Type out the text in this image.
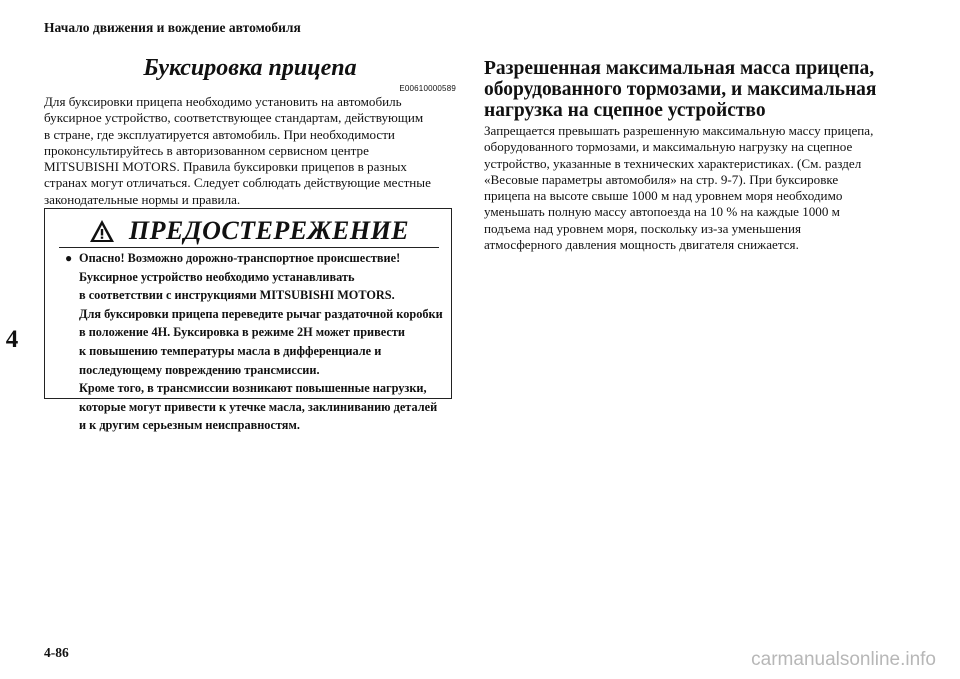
Начало движения и вождение автомобиля
4
Буксировка прицепа
E00610000589
Для буксировки прицепа необходимо установить на автомобиль
буксирное устройство, соответствующее стандартам, действующим
в стране, где эксплуатируется автомобиль. При необходимости
проконсультируйтесь в авторизованном сервисном центре
MITSUBISHI MOTORS. Правила буксировки прицепов в разных
странах могут отличаться. Следует соблюдать действующие местные
законодательные нормы и правила.
ПРЕДОСТЕРЕЖЕНИЕ
● Опасно! Возможно дорожно-транспортное происшествие!
Буксирное устройство необходимо устанавливать
в соответствии с инструкциями MITSUBISHI MOTORS.
Для буксировки прицепа переведите рычаг раздаточной коробки
в положение 4H. Буксировка в режиме 2H может привести
к повышению температуры масла в дифференциале и
последующему повреждению трансмиссии.
Кроме того, в трансмиссии возникают повышенные нагрузки,
которые могут привести к утечке масла, заклиниванию деталей
и к другим серьезным неисправностям.
Разрешенная максимальная масса прицепа,
оборудованного тормозами, и максимальная
нагрузка на сцепное устройство
Запрещается превышать разрешенную максимальную массу прицепа,
оборудованного тормозами, и максимальную нагрузку на сцепное
устройство, указанные в технических характеристиках. (См. раздел
«Весовые параметры автомобиля» на стр. 9-7). При буксировке
прицепа на высоте свыше 1000 м над уровнем моря необходимо
уменьшать полную массу автопоезда на 10 % на каждые 1000 м
подъема над уровнем моря, поскольку из-за уменьшения
атмосферного давления мощность двигателя снижается.
4-86	carmanualsonline.info
